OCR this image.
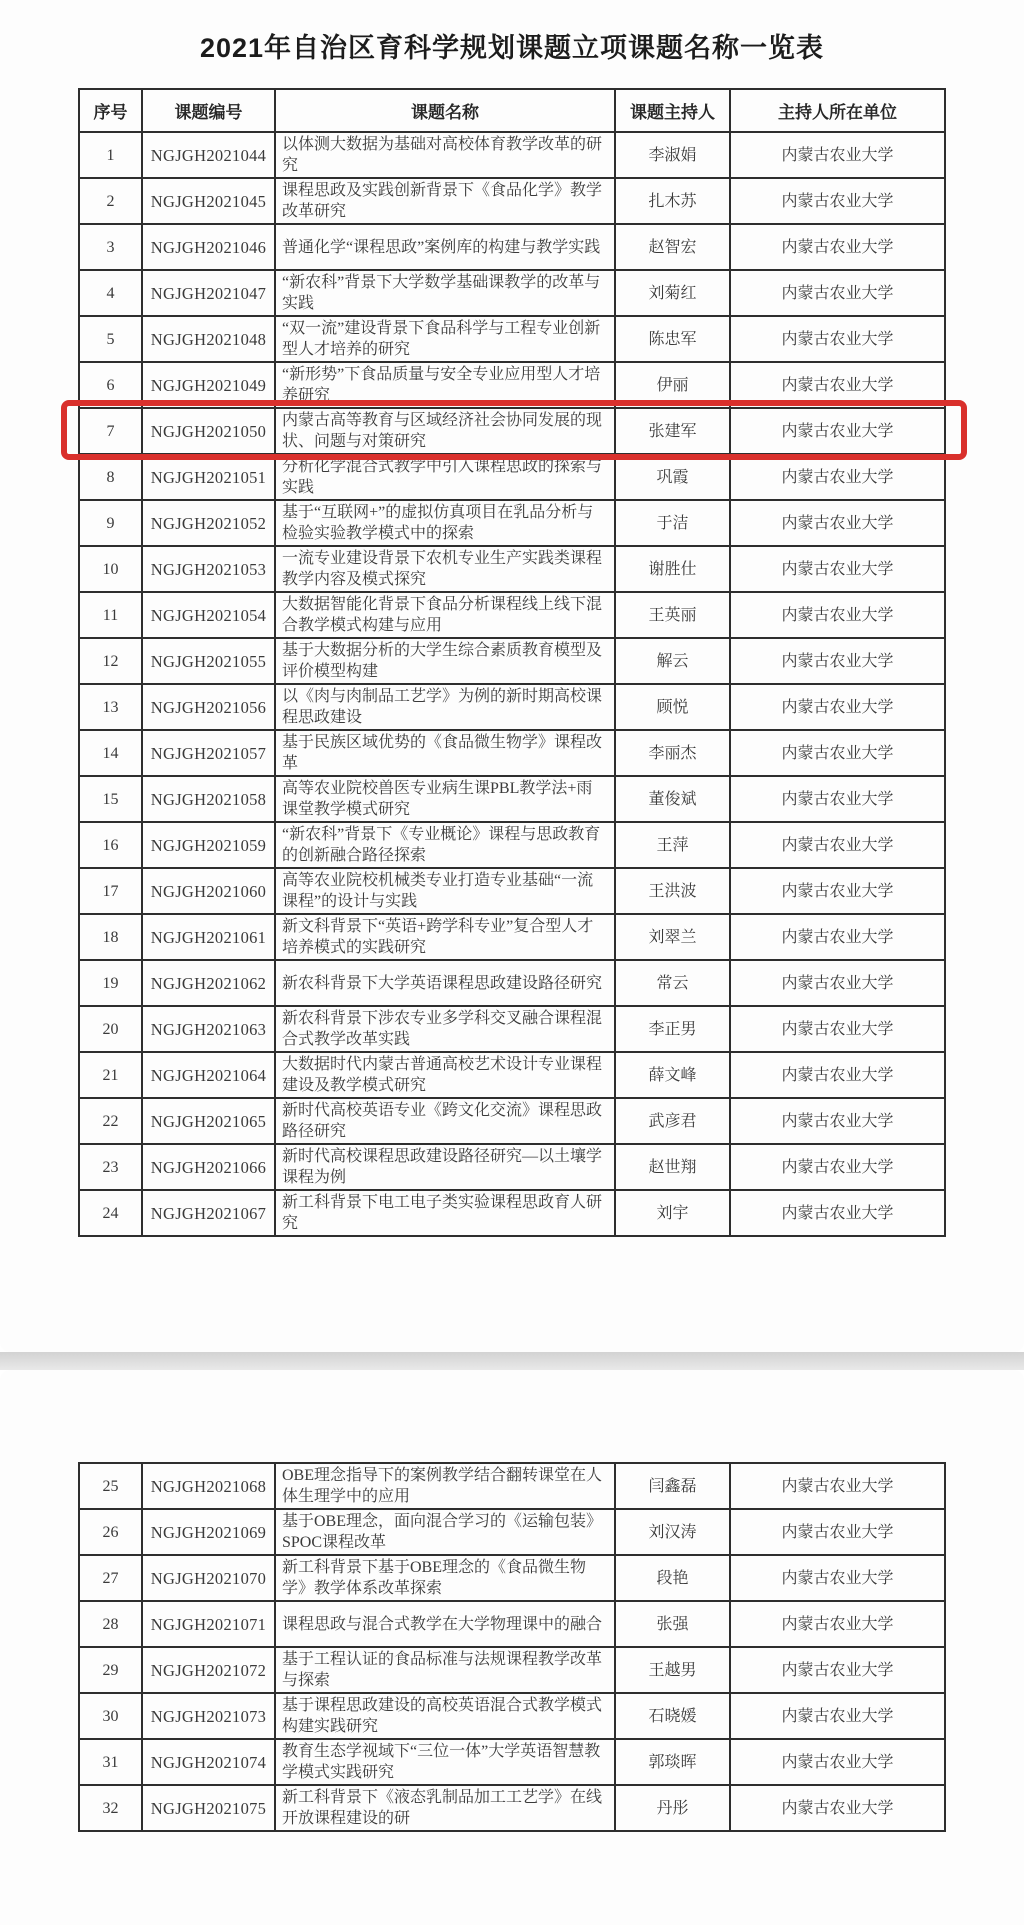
2021年自治区育科学规划课题立项课题名称一览表
序号	课题编号	课题名称	课题主持人	主持人所在单位
1	NGJGH2021044	以体测大数据为基础对高校体育教学改革的研究	李淑娟	内蒙古农业大学
2	NGJGH2021045	课程思政及实践创新背景下《食品化学》教学改革研究	扎木苏	内蒙古农业大学
3	NGJGH2021046	普通化学“课程思政”案例库的构建与教学实践	赵智宏	内蒙古农业大学
4	NGJGH2021047	“新农科”背景下大学数学基础课教学的改革与实践	刘菊红	内蒙古农业大学
5	NGJGH2021048	“双一流”建设背景下食品科学与工程专业创新型人才培养的研究	陈忠军	内蒙古农业大学
6	NGJGH2021049	“新形势”下食品质量与安全专业应用型人才培养研究	伊丽	内蒙古农业大学
7	NGJGH2021050	内蒙古高等教育与区域经济社会协同发展的现状、问题与对策研究	张建军	内蒙古农业大学
8	NGJGH2021051	分析化学混合式教学中引入课程思政的探索与实践	巩霞	内蒙古农业大学
9	NGJGH2021052	基于“互联网+”的虚拟仿真项目在乳品分析与检验实验教学模式中的探索	于洁	内蒙古农业大学
10	NGJGH2021053	一流专业建设背景下农机专业生产实践类课程教学内容及模式探究	谢胜仕	内蒙古农业大学
11	NGJGH2021054	大数据智能化背景下食品分析课程线上线下混合教学模式构建与应用	王英丽	内蒙古农业大学
12	NGJGH2021055	基于大数据分析的大学生综合素质教育模型及评价模型构建	解云	内蒙古农业大学
13	NGJGH2021056	以《肉与肉制品工艺学》为例的新时期高校课程思政建设	顾悦	内蒙古农业大学
14	NGJGH2021057	基于民族区域优势的《食品微生物学》课程改革	李丽杰	内蒙古农业大学
15	NGJGH2021058	高等农业院校兽医专业病生课PBL教学法+雨课堂教学模式研究	董俊斌	内蒙古农业大学
16	NGJGH2021059	“新农科”背景下《专业概论》课程与思政教育的创新融合路径探索	王萍	内蒙古农业大学
17	NGJGH2021060	高等农业院校机械类专业打造专业基础“一流课程”的设计与实践	王洪波	内蒙古农业大学
18	NGJGH2021061	新文科背景下“英语+跨学科专业”复合型人才培养模式的实践研究	刘翠兰	内蒙古农业大学
19	NGJGH2021062	新农科背景下大学英语课程思政建设路径研究	常云	内蒙古农业大学
20	NGJGH2021063	新农科背景下涉农专业多学科交叉融合课程混合式教学改革实践	李正男	内蒙古农业大学
21	NGJGH2021064	大数据时代内蒙古普通高校艺术设计专业课程建设及教学模式研究	薛文峰	内蒙古农业大学
22	NGJGH2021065	新时代高校英语专业《跨文化交流》课程思政路径研究	武彦君	内蒙古农业大学
23	NGJGH2021066	新时代高校课程思政建设路径研究—以土壤学课程为例	赵世翔	内蒙古农业大学
24	NGJGH2021067	新工科背景下电工电子类实验课程思政育人研究	刘宇	内蒙古农业大学
25	NGJGH2021068	OBE理念指导下的案例教学结合翻转课堂在人体生理学中的应用	闫鑫磊	内蒙古农业大学
26	NGJGH2021069	基于OBE理念，面向混合学习的《运输包装》SPOC课程改革	刘汉涛	内蒙古农业大学
27	NGJGH2021070	新工科背景下基于OBE理念的《食品微生物学》教学体系改革探索	段艳	内蒙古农业大学
28	NGJGH2021071	课程思政与混合式教学在大学物理课中的融合	张强	内蒙古农业大学
29	NGJGH2021072	基于工程认证的食品标准与法规课程教学改革与探索	王越男	内蒙古农业大学
30	NGJGH2021073	基于课程思政建设的高校英语混合式教学模式构建实践研究	石晓媛	内蒙古农业大学
31	NGJGH2021074	教育生态学视域下“三位一体”大学英语智慧教学模式实践研究	郭琰晖	内蒙古农业大学
32	NGJGH2021075	新工科背景下《液态乳制品加工工艺学》在线开放课程建设的研	丹彤	内蒙古农业大学
